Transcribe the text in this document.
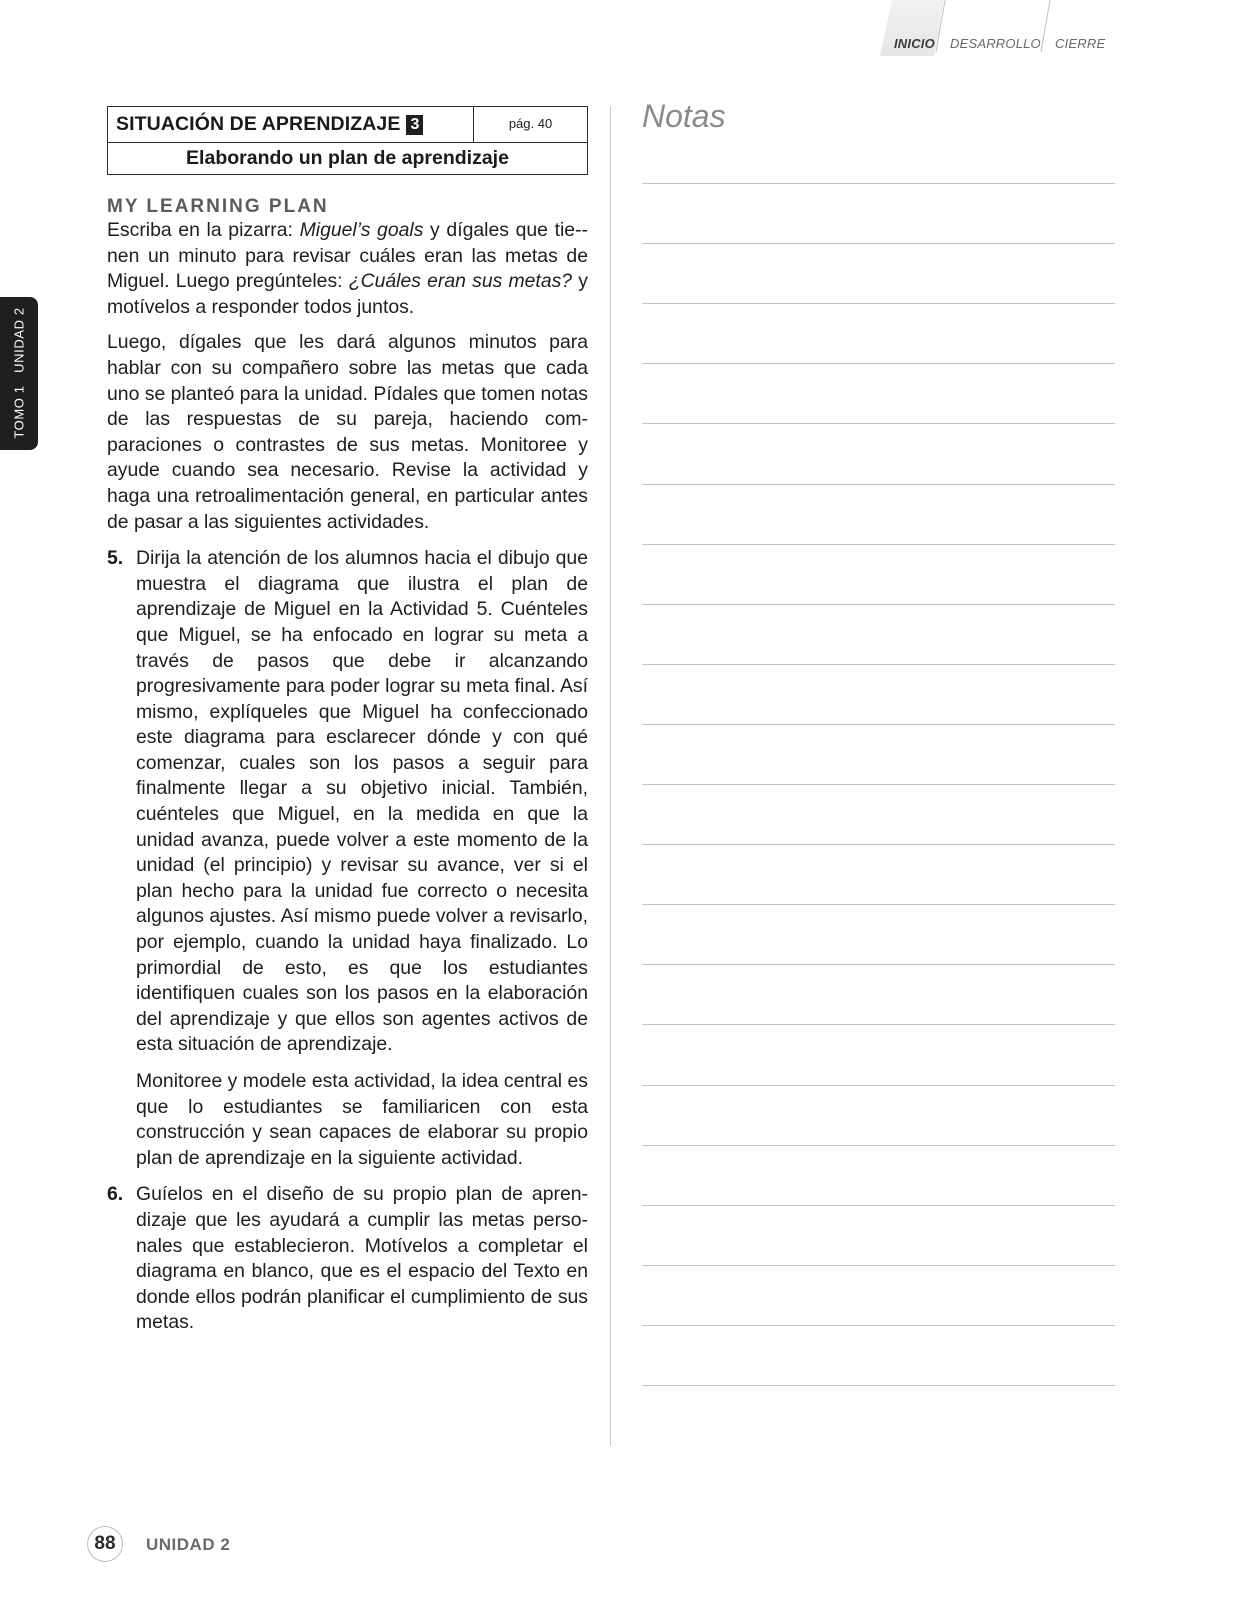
INICIO DESARROLLO CIERRE
TOMO 1   UNIDAD 2
SITUACIÓN DE APRENDIZAJE 3	pág. 40
Elaborando un plan de aprendizaje
MY LEARNING PLAN

Escriba en la pizarra: Miguel’s goals y dígales que tie-nen un minuto para revisar cuáles eran las metas de Miguel. Luego pregúnteles: ¿Cuáles eran sus metas? y motívelos a responder todos juntos.

Luego, dígales que les dará algunos minutos para hablar con su compañero sobre las metas que cada uno se planteó para la unidad. Pídales que tomen notas de las respuestas de su pareja, haciendo comparaciones o contrastes de sus metas. Monitoree y ayude cuando sea necesario. Revise la actividad y haga una retroalimentación general, en particular antes de pasar a las siguientes actividades.

5. Dirija la atención de los alumnos hacia el dibujo que muestra el diagrama que ilustra el plan de aprendizaje de Miguel en la Actividad 5. Cuénteles que Miguel, se ha enfocado en lograr su meta a través de pasos que debe ir alcanzando progresivamente para poder lograr su meta final. Así mismo, explíqueles que Miguel ha confeccionado este diagrama para esclarecer dónde y con qué comenzar, cuales son los pasos a seguir para finalmente llegar a su objetivo inicial. También, cuénteles que Miguel, en la medida en que la unidad avanza, puede volver a este momento de la unidad (el principio) y revisar su avance, ver si el plan hecho para la unidad fue correcto o necesita algunos ajustes. Así mismo puede volver a revisarlo, por ejemplo, cuando la unidad haya finalizado. Lo primordial de esto, es que los estudiantes identifiquen cuales son los pasos en la elaboración del aprendizaje y que ellos son agentes activos de esta situación de aprendizaje.

Monitoree y modele esta actividad, la idea central es que lo estudiantes se familiaricen con esta construcción y sean capaces de elaborar su propio plan de aprendizaje en la siguiente actividad.

6. Guíelos en el diseño de su propio plan de aprendizaje que les ayudará a cumplir las metas personales que establecieron. Motívelos a completar el diagrama en blanco, que es el espacio del Texto en donde ellos podrán planificar el cumplimiento de sus metas.

Notas
88	UNIDAD 2
